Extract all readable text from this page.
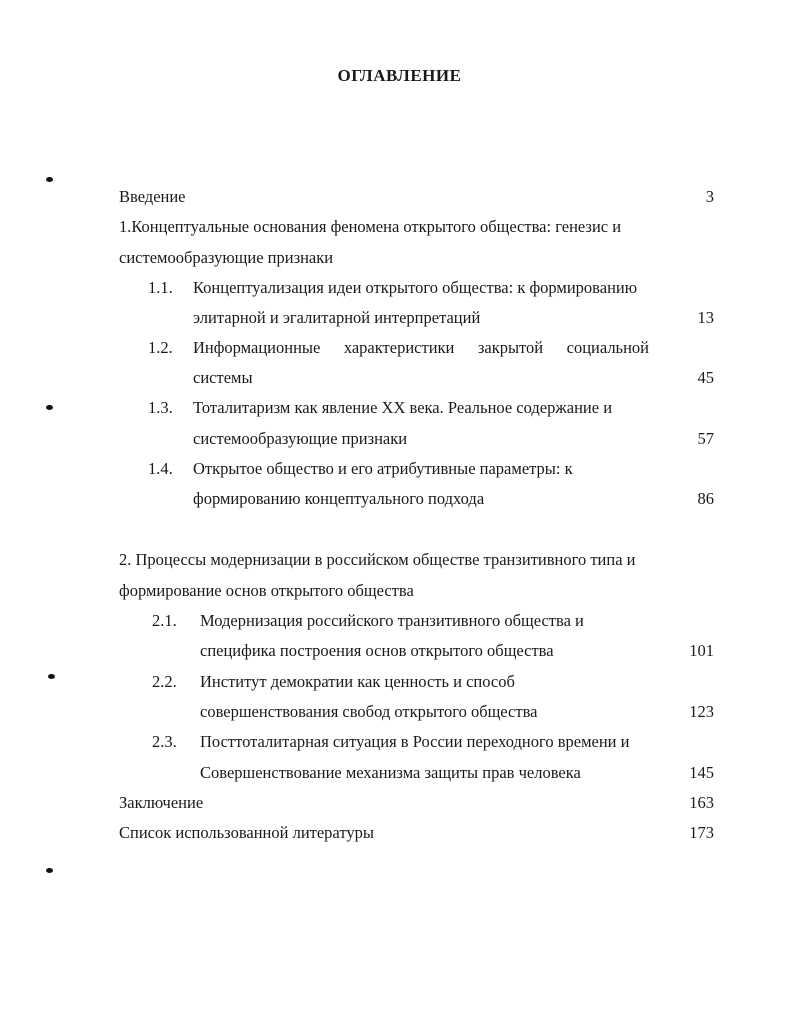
ОГЛАВЛЕНИЕ
Введение	3
1.Концептуальные основания феномена открытого общества: генезис и
системообразующие признаки
1.1. Концептуализация идеи открытого общества: к формированию
элитарной и эгалитарной интерпретаций	13
1.2. Информационные характеристики закрытой социальной
системы	45
1.3. Тоталитаризм как явление XX века. Реальное содержание и
системообразующие признаки	57
1.4. Открытое общество и его атрибутивные параметры: к
формированию концептуального подхода	86
2. Процессы модернизации в российском обществе транзитивного типа и
формирование основ открытого общества
2.1. Модернизация российского транзитивного общества и
специфика построения основ открытого общества	101
2.2. Институт демократии как ценность и способ
совершенствования свобод открытого общества	123
2.3. Посттоталитарная ситуация в России переходного времени и
Совершенствование механизма защиты прав человека	145
Заключение	163
Список использованной литературы	173
